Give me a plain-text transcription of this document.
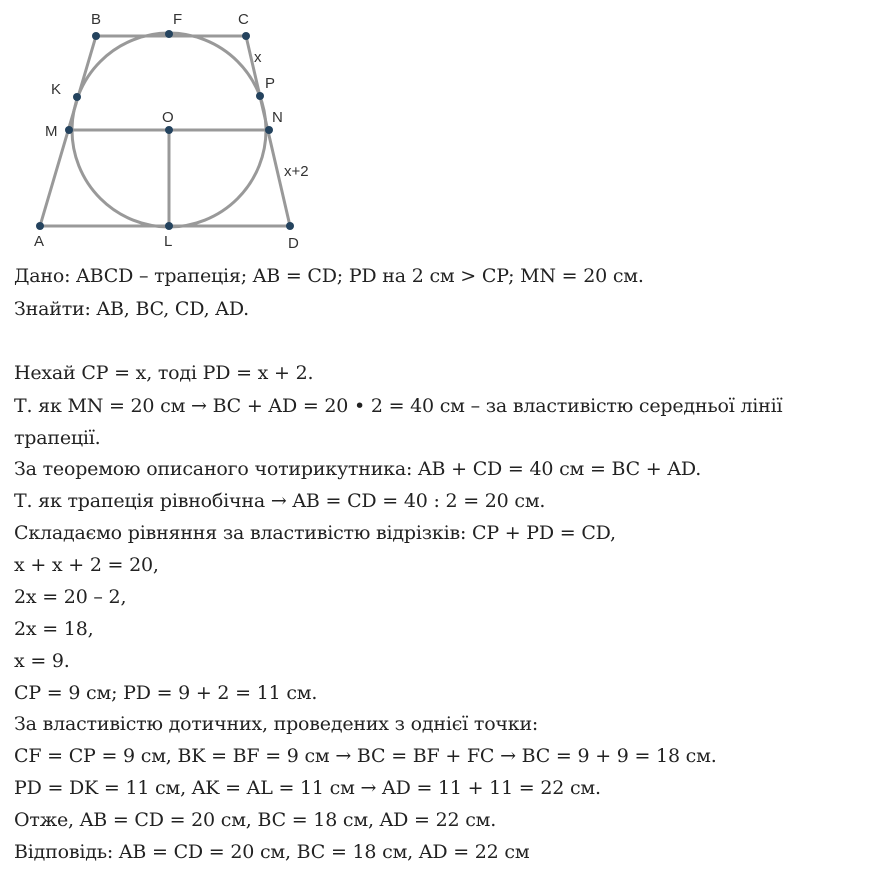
B	F	C
x
K	P
M
O	N
x+2
A	L	D
Дано: ABCD – трапеція; AB = CD; PD на 2 см > CP; MN = 20 см.
Знайти: AB, BC, CD, AD.
Нехай CP = x, тоді PD = x + 2.
Т. як MN = 20 см → BC + AD = 20 • 2 = 40 см – за властивістю середньої лінії
трапеції.
За теоремою описаного чотирикутника: AB + CD = 40 см = BC + AD.
Т. як трапеція рівнобічна → AB = CD = 40 : 2 = 20 см.
Складаємо рівняння за властивістю відрізків: CP + PD = CD,
x + x + 2 = 20,
2x = 20 – 2,
2x = 18,
x = 9.
CP = 9 см; PD = 9 + 2 = 11 см.
За властивістю дотичних, проведених з однієї точки:
CF = CP = 9 см, BK = BF = 9 см → BC = BF + FC → BC = 9 + 9 = 18 см.
PD = DK = 11 см, AK = AL = 11 см → AD = 11 + 11 = 22 см.
Отже, AB = CD = 20 см, BC = 18 см, AD = 22 см.
Відповідь: AB = CD = 20 см, BC = 18 см, AD = 22 см
